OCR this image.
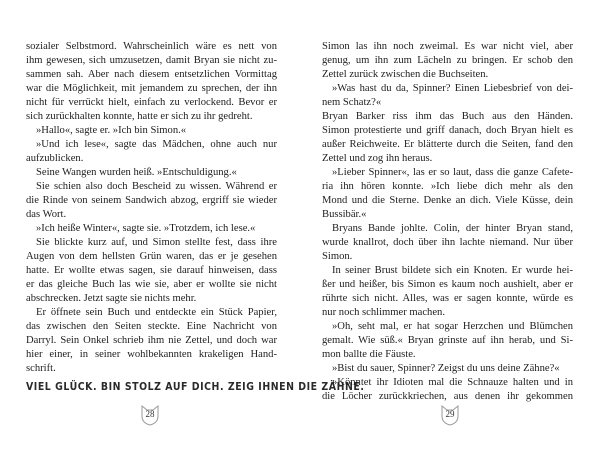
sozialer Selbstmord. Wahrscheinlich wäre es nett von
ihm gewesen, sich umzusetzen, damit Bryan sie nicht zu-
sammen sah. Aber nach diesem entsetzlichen Vormittag
war die Möglichkeit, mit jemandem zu sprechen, der ihn
nicht für verrückt hielt, einfach zu verlockend. Bevor er
sich zurückhalten konnte, hatte er sich zu ihr gedreht.
»Hallo«, sagte er. »Ich bin Simon.«
»Und ich lese«, sagte das Mädchen, ohne auch nur
aufzublicken.
Seine Wangen wurden heiß. »Entschuldigung.«
Sie schien also doch Bescheid zu wissen. Während er
die Rinde von seinem Sandwich abzog, ergriff sie wieder
das Wort.
»Ich heiße Winter«, sagte sie. »Trotzdem, ich lese.«
Sie blickte kurz auf, und Simon stellte fest, dass ihre
Augen von dem hellsten Grün waren, das er je gesehen
hatte. Er wollte etwas sagen, sie darauf hinweisen, dass
er das gleiche Buch las wie sie, aber er wollte sie nicht
abschrecken. Jetzt sagte sie nichts mehr.
Er öffnete sein Buch und entdeckte ein Stück Papier,
das zwischen den Seiten steckte. Eine Nachricht von
Darryl. Sein Onkel schrieb ihm nie Zettel, und doch war
hier einer, in seiner wohlbekannten krakeligen Hand-
schrift.
VIEL GLÜCK. BIN STOLZ AUF DICH. ZEIG IHNEN DIE ZÄHNE.
28
Simon las ihn noch zweimal. Es war nicht viel, aber
genug, um ihn zum Lächeln zu bringen. Er schob den
Zettel zurück zwischen die Buchseiten.
»Was hast du da, Spinner? Einen Liebesbrief von dei-
nem Schatz?«
Bryan Barker riss ihm das Buch aus den Händen.
Simon protestierte und griff danach, doch Bryan hielt es
außer Reichweite. Er blätterte durch die Seiten, fand den
Zettel und zog ihn heraus.
»Lieber Spinner«, las er so laut, dass die ganze Cafete-
ria ihn hören konnte. »Ich liebe dich mehr als den
Mond und die Sterne. Denke an dich. Viele Küsse, dein
Bussibär.«
Bryans Bande johlte. Colin, der hinter Bryan stand,
wurde knallrot, doch über ihn lachte niemand. Nur über
Simon.
In seiner Brust bildete sich ein Knoten. Er wurde hei-
ßer und heißer, bis Simon es kaum noch aushielt, aber er
rührte sich nicht. Alles, was er sagen konnte, würde es
nur noch schlimmer machen.
»Oh, seht mal, er hat sogar Herzchen und Blümchen
gemalt. Wie süß.« Bryan grinste auf ihn herab, und Si-
mon ballte die Fäuste.
»Bist du sauer, Spinner? Zeigst du uns deine Zähne?«
»Könntet ihr Idioten mal die Schnauze halten und in
die Löcher zurückkriechen, aus denen ihr gekommen
29
